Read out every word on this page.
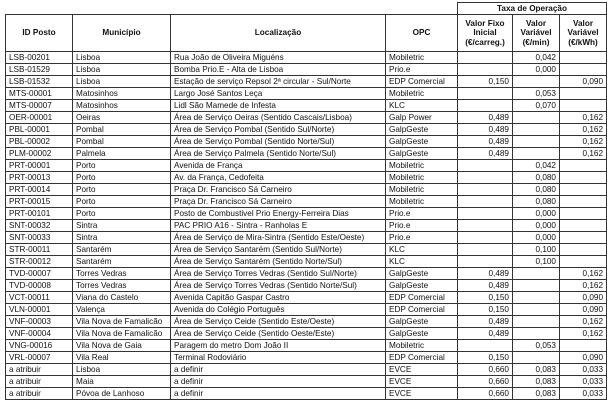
				Taxa de Operação		
ID Posto	Município	Localização	OPC	Valor Fixo Inicial (€/carreg.)	Valor Variável (€/min)	Valor Variável (€/kWh)
LSB-00201	Lisboa	Rua João de Oliveira Miguéns	Mobiletric		0,042	
LSB-01529	Lisboa	Bomba Prio.E - Alta de Lisboa	Prio.e		0,000	
LSB-01532	Lisboa	Estação de serviço Repsol 2ª circular - Sul/Norte	EDP Comercial	0,150		0,090
MTS-00001	Matosinhos	Largo José Santos Leça	Mobiletric		0,053	
MTS-00007	Matosinhos	Lidl São Mamede de Infesta	KLC		0,070	
OER-00001	Oeiras	Área de Serviço Oeiras (Sentido Cascais/Lisboa)	Galp Power	0,489		0,162
PBL-00001	Pombal	Área de Serviço Pombal (Sentido Sul/Norte)	GalpGeste	0,489		0,162
PBL-00002	Pombal	Área de Serviço Pombal (Sentido Norte/Sul)	GalpGeste	0,489		0,162
PLM-00002	Palmela	Área de Serviço Palmela (Sentido Norte/Sul)	GalpGeste	0,489		0,162
PRT-00001	Porto	Avenida de França	Mobiletric		0,042	
PRT-00013	Porto	Av. da França, Cedofeita	Mobiletric		0,080	
PRT-00014	Porto	Praça Dr. Francisco Sá Carneiro	Mobiletric		0,080	
PRT-00015	Porto	Praça Dr. Francisco Sá Carneiro	Mobiletric		0,080	
PRT-00101	Porto	Posto de Combustivel Prio Energy-Ferreira Dias	Prio.e		0,000	
SNT-00032	Sintra	PAC PRIO A16 - Sintra - Ranholas E	Prio.e		0,000	
SNT-00033	Sintra	Área de Serviço de Mira-Sintra (Sentido Este/Oeste)	Prio.e		0,000	
STR-00011	Santarém	Área de Serviço Santarém (Sentido Sul/Norte)	KLC		0,100	
STR-00012	Santarém	Área de Serviço Santarém (Sentido Norte/Sul)	KLC		0,100	
TVD-00007	Torres Vedras	Área de Serviço Torres Vedras (Sentido Sul/Norte)	GalpGeste	0,489		0,162
TVD-00008	Torres Vedras	Área de Serviço Torres Vedras (Sentido Norte/Sul)	GalpGeste	0,489		0,162
VCT-00011	Viana do Castelo	Avenida Capitão Gaspar Castro	EDP Comercial	0,150		0,090
VLN-00001	Valença	Avenida do Colégio Português	EDP Comercial	0,150		0,090
VNF-00003	Vila Nova de Famalicão	Área de Serviço Ceide (Sentido Este/Oeste)	GalpGeste	0,489		0,162
VNF-00004	Vila Nova de Famalicão	Área de Serviço Ceide (Sentido Oeste/Este)	GalpGeste	0,489		0,162
VNG-00016	Vila Nova de Gaia	Paragem do metro Dom João II	Mobiletric		0,053	
VRL-00007	Vila Real	Terminal Rodoviário	EDP Comercial	0,150		0,090
a atribuir	Lisboa	a definir	EVCE	0,660	0,083	0,033
a atribuir	Maia	a definir	EVCE	0,660	0,083	0,033
a atribuir	Póvoa de Lanhoso	a definir	EVCE	0,660	0,083	0,033
